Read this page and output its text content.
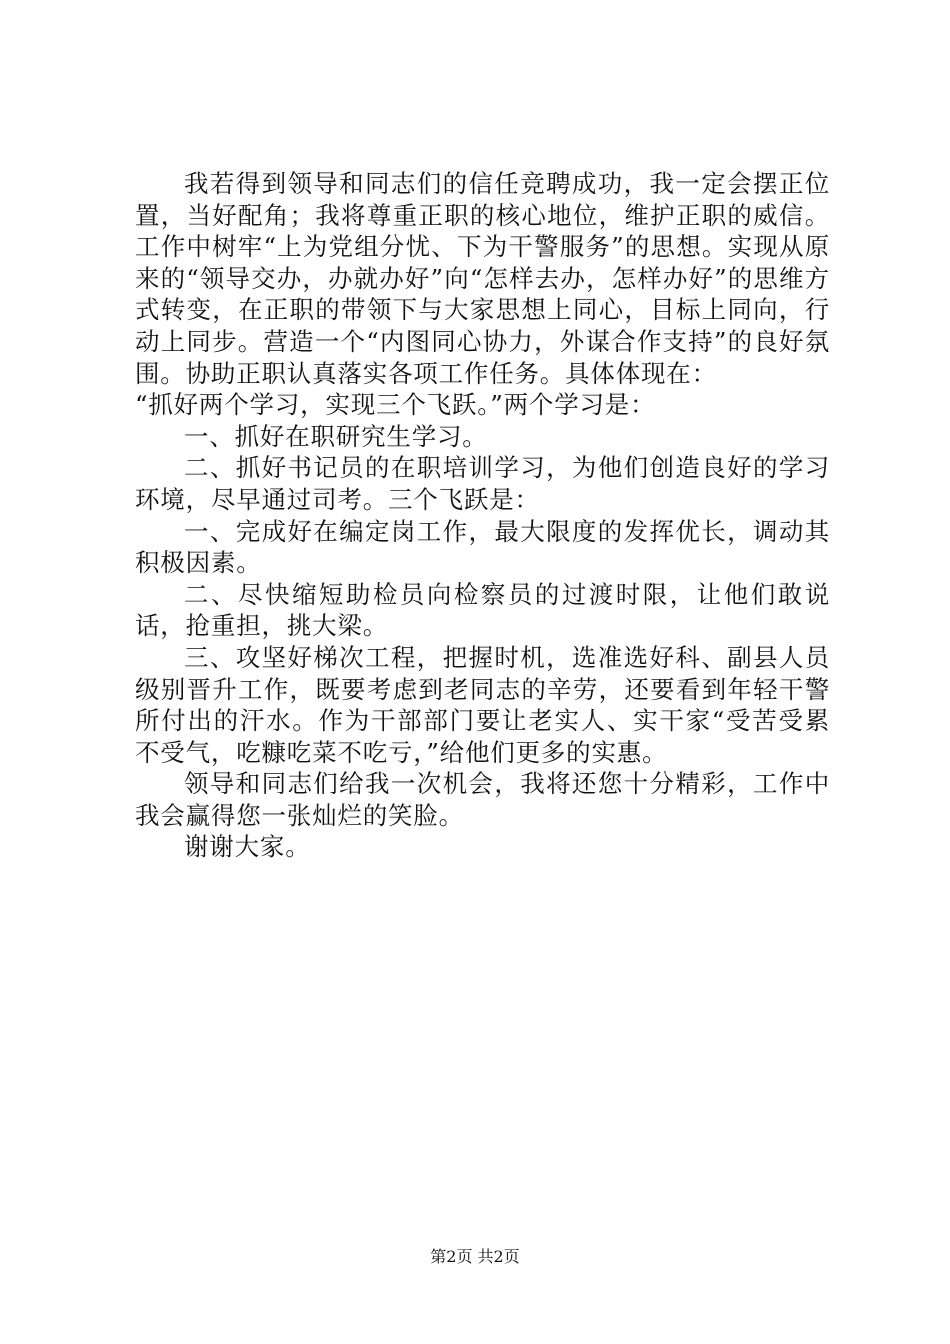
我若得到领导和同志们的信任竞聘成功，我一定会摆正位置，当好配角；我将尊重正职的核心地位，维护正职的威信。工作中树牢“上为党组分忧、下为干警服务”的思想。实现从原来的“领导交办，办就办好”向“怎样去办，怎样办好”的思维方式转变，在正职的带领下与大家思想上同心，目标上同向，行动上同步。营造一个“内图同心协力，外谋合作支持”的良好氛围。协助正职认真落实各项工作任务。具体体现在：

“抓好两个学习，实现三个飞跃。”两个学习是：

一、抓好在职研究生学习。

二、抓好书记员的在职培训学习，为他们创造良好的学习环境，尽早通过司考。三个飞跃是：

一、完成好在编定岗工作，最大限度的发挥优长，调动其积极因素。

二、尽快缩短助检员向检察员的过渡时限，让他们敢说话，抢重担，挑大梁。

三、攻坚好梯次工程，把握时机，选准选好科、副县人员级别晋升工作，既要考虑到老同志的辛劳，还要看到年轻干警所付出的汗水。作为干部部门要让老实人、实干家“受苦受累不受气，吃糠吃菜不吃亏，”给他们更多的实惠。

领导和同志们给我一次机会，我将还您十分精彩，工作中我会赢得您一张灿烂的笑脸。

谢谢大家。

第2页 共2页
